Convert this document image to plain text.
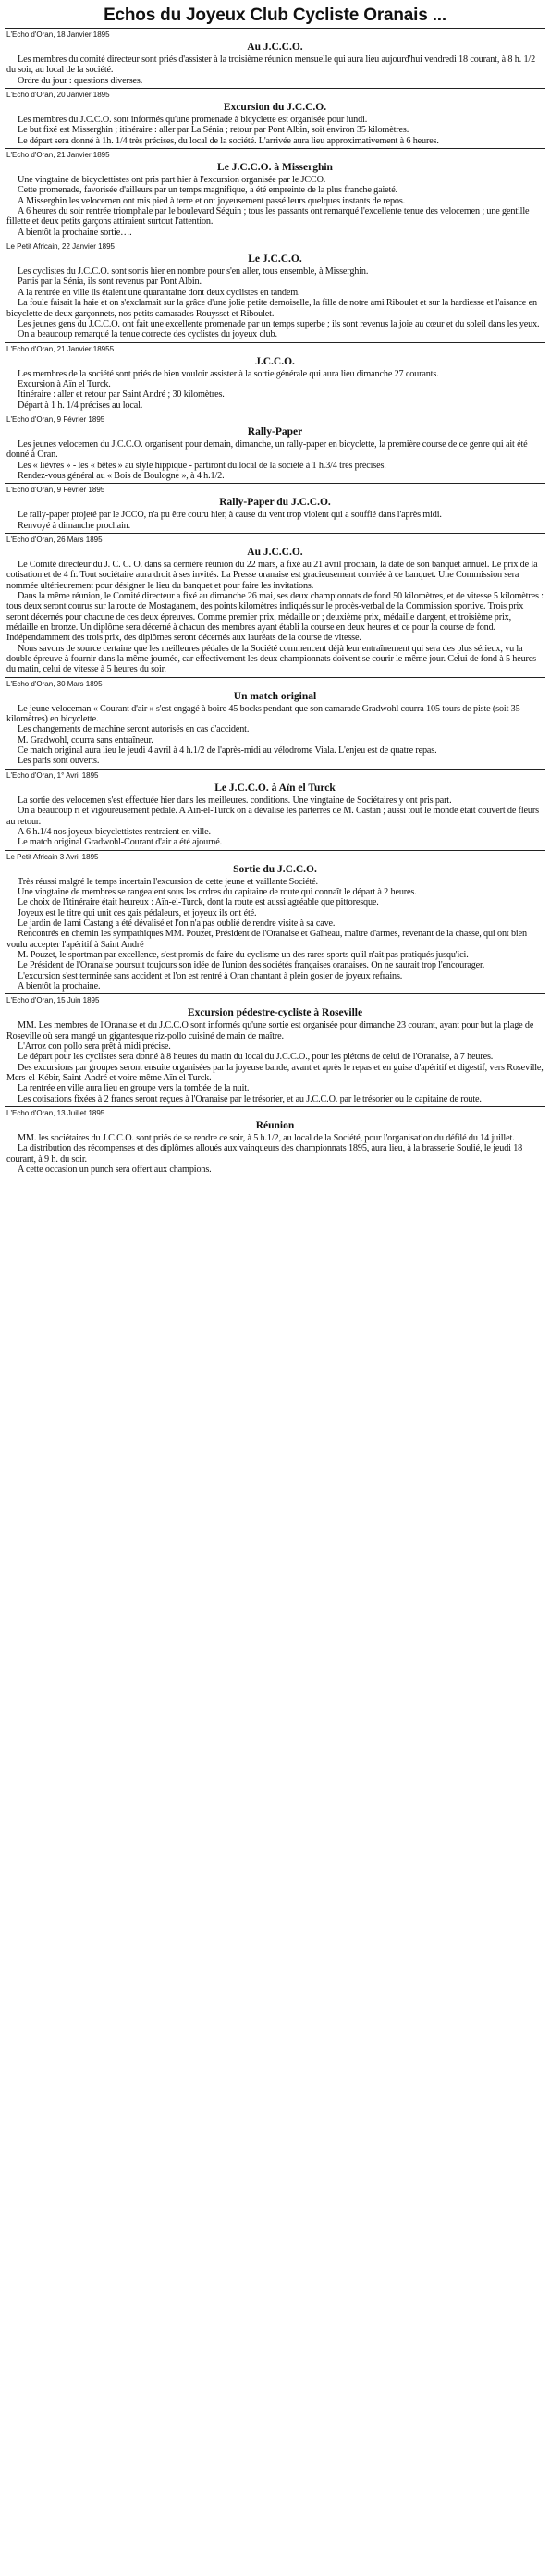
Echos du Joyeux Club Cycliste Oranais ...
L'Echo d'Oran, 18 Janvier 1895
Au J.C.C.O.

Les membres du comité directeur sont priés d'assister à la troisième réunion mensuelle qui aura lieu aujourd'hui vendredi 18 courant, à 8 h. 1/2 du soir, au local de la société.

Ordre du jour : questions diverses.

L'Echo d'Oran, 20 Janvier 1895
Excursion du J.C.C.O.

Les membres du J.C.C.O. sont informés qu'une promenade à bicyclette est organisée pour lundi.

Le but fixé est Misserghin ; itinéraire : aller par La Sénia ; retour par Pont Albin, soit environ 35 kilomètres.

Le départ sera donné à 1h. 1/4 très précises, du local de la société. L'arrivée aura lieu approximativement à 6 heures.

L'Echo d'Oran, 21 Janvier 1895
Le J.C.C.O. à Misserghin

Une vingtaine de bicyclettistes ont pris part hier à l'excursion organisée par le JCCO.

Cette promenade, favorisée d'ailleurs par un temps magnifique, a été empreinte de la plus franche gaieté.

A Misserghin les velocemen ont mis pied à terre et ont joyeusement passé leurs quelques instants de repos.

A 6 heures du soir rentrée triomphale par le boulevard Séguin ; tous les passants ont remarqué l'excellente tenue des velocemen ; une gentille fillette et deux petits garçons attiraient surtout l'attention.

A bientôt la prochaine sortie….

Le Petit Africain, 22 Janvier 1895
Le J.C.C.O.

Les cyclistes du J.C.C.O. sont sortis hier en nombre pour s'en aller, tous ensemble, à Misserghin.

Partis par la Sénia, ils sont revenus par Pont Albin.

A la rentrée en ville ils étaient une quarantaine dont deux cyclistes en tandem.

La foule faisait la haie et on s'exclamait sur la grâce d'une jolie petite demoiselle, la fille de notre ami Riboulet et sur la hardiesse et l'aisance en bicyclette de deux garçonnets, nos petits camarades Rouysset et Riboulet.

Les jeunes gens du J.C.C.O. ont fait une excellente promenade par un temps superbe ; ils sont revenus la joie au cœur et du soleil dans les yeux.

On a beaucoup remarqué la tenue correcte des cyclistes du joyeux club.

L'Echo d'Oran, 21 Janvier 18955
J.C.C.O.

Les membres de la société sont priés de bien vouloir assister à la sortie générale qui aura lieu dimanche 27 courants.

Excursion à Aïn el Turck.

Itinéraire : aller et retour par Saint André ; 30 kilomètres.

Départ à 1 h. 1/4 précises au local.

L'Echo d'Oran, 9 Février 1895
Rally-Paper

Les jeunes velocemen du J.C.C.O. organisent pour demain, dimanche, un rally-paper en bicyclette, la première course de ce genre qui ait été donné à Oran.

Les « lièvres » - les « bêtes » au style hippique - partiront du local de la société à 1 h.3/4 très précises.

Rendez-vous général au « Bois de Boulogne », à 4 h.1/2.

L'Echo d'Oran, 9 Février 1895
Rally-Paper du J.C.C.O.

Le rally-paper projeté par le JCCO, n'a pu être couru hier, à cause du vent trop violent qui a soufflé dans l'après midi.

Renvoyé à dimanche prochain.

L'Echo d'Oran, 26 Mars 1895
Au J.C.C.O.

Le Comité directeur du J. C. C. O. dans sa dernière réunion du 22 mars, a fixé au 21 avril prochain, la date de son banquet annuel. Le prix de la cotisation et de 4 fr. Tout sociétaire aura droit à ses invités. La Presse oranaise est gracieusement conviée à ce banquet. Une Commission sera nommée ultérieurement pour désigner le lieu du banquet et pour faire les invitations.

Dans la même réunion, le Comité directeur a fixé au dimanche 26 mai, ses deux championnats de fond 50 kilomètres, et de vitesse 5 kilomètres : tous deux seront courus sur la route de Mostaganem, des points kilomètres indiqués sur le procès-verbal de la Commission sportive. Trois prix seront décernés pour chacune de ces deux épreuves. Comme premier prix, médaille or ; deuxième prix, médaille d'argent, et troisième prix, médaille en bronze. Un diplôme sera décerné à chacun des membres ayant établi la course en deux heures et ce pour la course de fond. Indépendamment des trois prix, des diplômes seront décernés aux lauréats de la course de vitesse.

Nous savons de source certaine que les meilleures pédales de la Société commencent déjà leur entraînement qui sera des plus sérieux, vu la double épreuve à fournir dans la même journée, car effectivement les deux championnats doivent se courir le même jour. Celui de fond à 5 heures du matin, celui de vitesse à 5 heures du soir.

L'Echo d'Oran, 30 Mars 1895
Un match original

Le jeune veloceman « Courant d'air » s'est engagé à boire 45 bocks pendant que son camarade Gradwohl courra 105 tours de piste (soit 35 kilomètres) en bicyclette.

Les changements de machine seront autorisés en cas d'accident.

M. Gradwohl, courra sans entraîneur.

Ce match original aura lieu le jeudi 4 avril à 4 h.1/2 de l'après-midi au vélodrome Viala. L'enjeu est de quatre repas.

Les paris sont ouverts.

L'Echo d'Oran, 1° Avril 1895
Le J.C.C.O. à Aïn el Turck

La sortie des velocemen s'est effectuée hier dans les meilleures. conditions. Une vingtaine de Sociétaires y ont pris part.

On a beaucoup ri et vigoureusement pédalé. A Aïn-el-Turck on a dévalisé les parterres de M. Castan ; aussi tout le monde était couvert de fleurs au retour.

A 6 h.1/4 nos joyeux bicyclettistes rentraient en ville.

Le match original Gradwohl-Courant d'air a été ajourné.

Le Petit Africain 3 Avril 1895
Sortie du J.C.C.O.

Très réussi malgré le temps incertain l'excursion de cette jeune et vaillante Société.

Une vingtaine de membres se rangeaient sous les ordres du capitaine de route qui connaît le départ à 2 heures.

Le choix de l'itinéraire était heureux : Aïn-el-Turck, dont la route est aussi agréable que pittoresque.

Joyeux est le titre qui unit ces gais pédaleurs, et joyeux ils ont été.

Le jardin de l'ami Castang a été dévalisé et l'on n'a pas oublié de rendre visite à sa cave.

Rencontrés en chemin les sympathiques MM. Pouzet, Président de l'Oranaise et Gaïneau, maître d'armes, revenant de la chasse, qui ont bien voulu accepter l'apéritif à Saint André

M. Pouzet, le sportman par excellence, s'est promis de faire du cyclisme un des rares sports qu'il n'ait pas pratiqués jusqu'ici.

Le Président de l'Oranaise poursuit toujours son idée de l'union des sociétés françaises oranaises. On ne saurait trop l'encourager.

L'excursion s'est terminée sans accident et l'on est rentré à Oran chantant à plein gosier de joyeux refrains.

A bientôt la prochaine.

L'Echo d'Oran, 15 Juin 1895
Excursion pédestre-cycliste à Roseville

MM. Les membres de l'Oranaise et du J.C.C.O sont informés qu'une sortie est organisée pour dimanche 23 courant, ayant pour but la plage de Roseville où sera mangé un gigantesque riz-pollo cuisiné de main de maître.

L'Arroz con pollo sera prêt à midi précise.

Le départ pour les cyclistes sera donné à 8 heures du matin du local du J.C.C.O., pour les piétons de celui de l'Oranaise, à 7 heures.

Des excursions par groupes seront ensuite organisées par la joyeuse bande, avant et après le repas et en guise d'apéritif et digestif, vers Roseville, Mers-el-Kébir, Saint-André et voire même Aïn el Turck.

La rentrée en ville aura lieu en groupe vers la tombée de la nuit.

Les cotisations fixées à 2 francs seront reçues à l'Oranaise par le trésorier, et au J.C.C.O. par le trésorier ou le capitaine de route.

L'Echo d'Oran, 13 Juillet 1895
Réunion

MM. les sociétaires du J.C.C.O. sont priés de se rendre ce soir, à 5 h.1/2, au local de la Société, pour l'organisation du défilé du 14 juillet.

La distribution des récompenses et des diplômes alloués aux vainqueurs des championnats 1895, aura lieu, à la brasserie Soulié, le jeudi 18 courant, à 9 h. du soir.

A cette occasion un punch sera offert aux champions.
